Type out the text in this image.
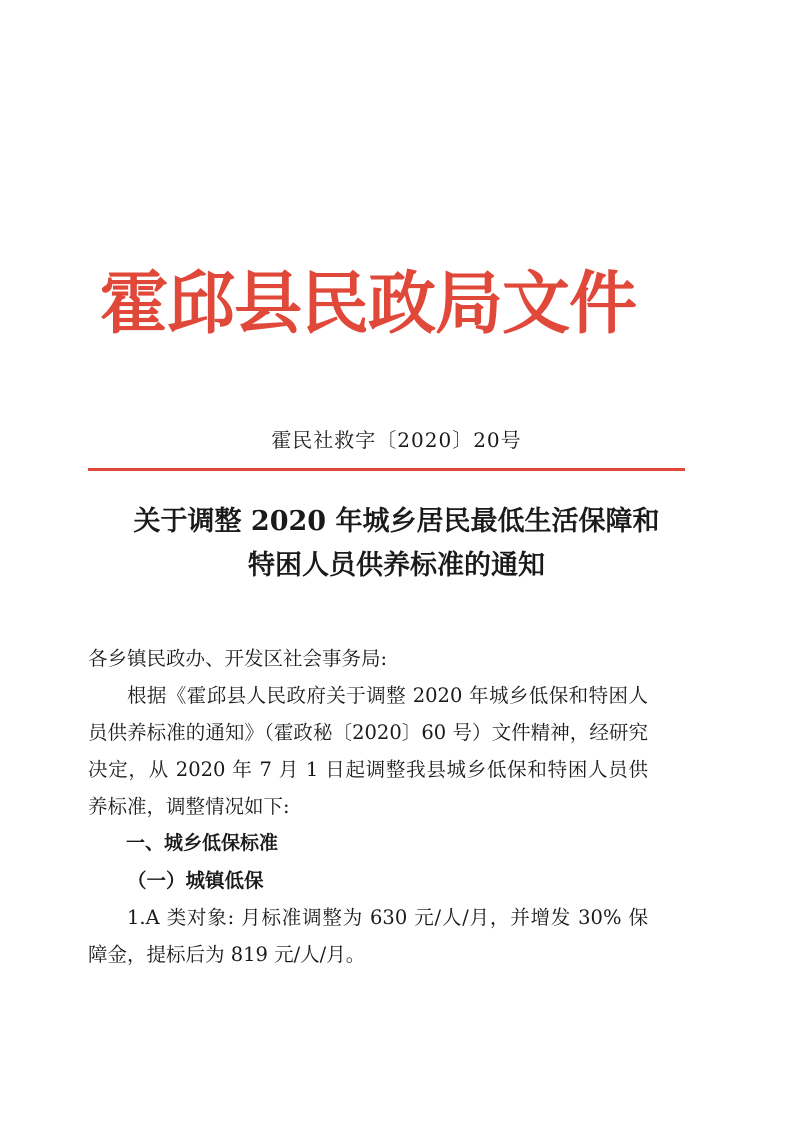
霍邱县民政局文件
霍民社救字〔2020〕20号
关于调整 2020 年城乡居民最低生活保障和
特困人员供养标准的通知

各乡镇民政办、开发区社会事务局:

根据《霍邱县人民政府关于调整 2020 年城乡低保和特困人员供养标准的通知》（霍政秘〔2020〕60 号）文件精神，经研究决定，从 2020 年 7 月 1 日起调整我县城乡低保和特困人员供养标准，调整情况如下:

一、城乡低保标准

（一）城镇低保

1.A 类对象: 月标准调整为 630 元/人/月，并增发 30% 保障金，提标后为 819 元/人/月。
